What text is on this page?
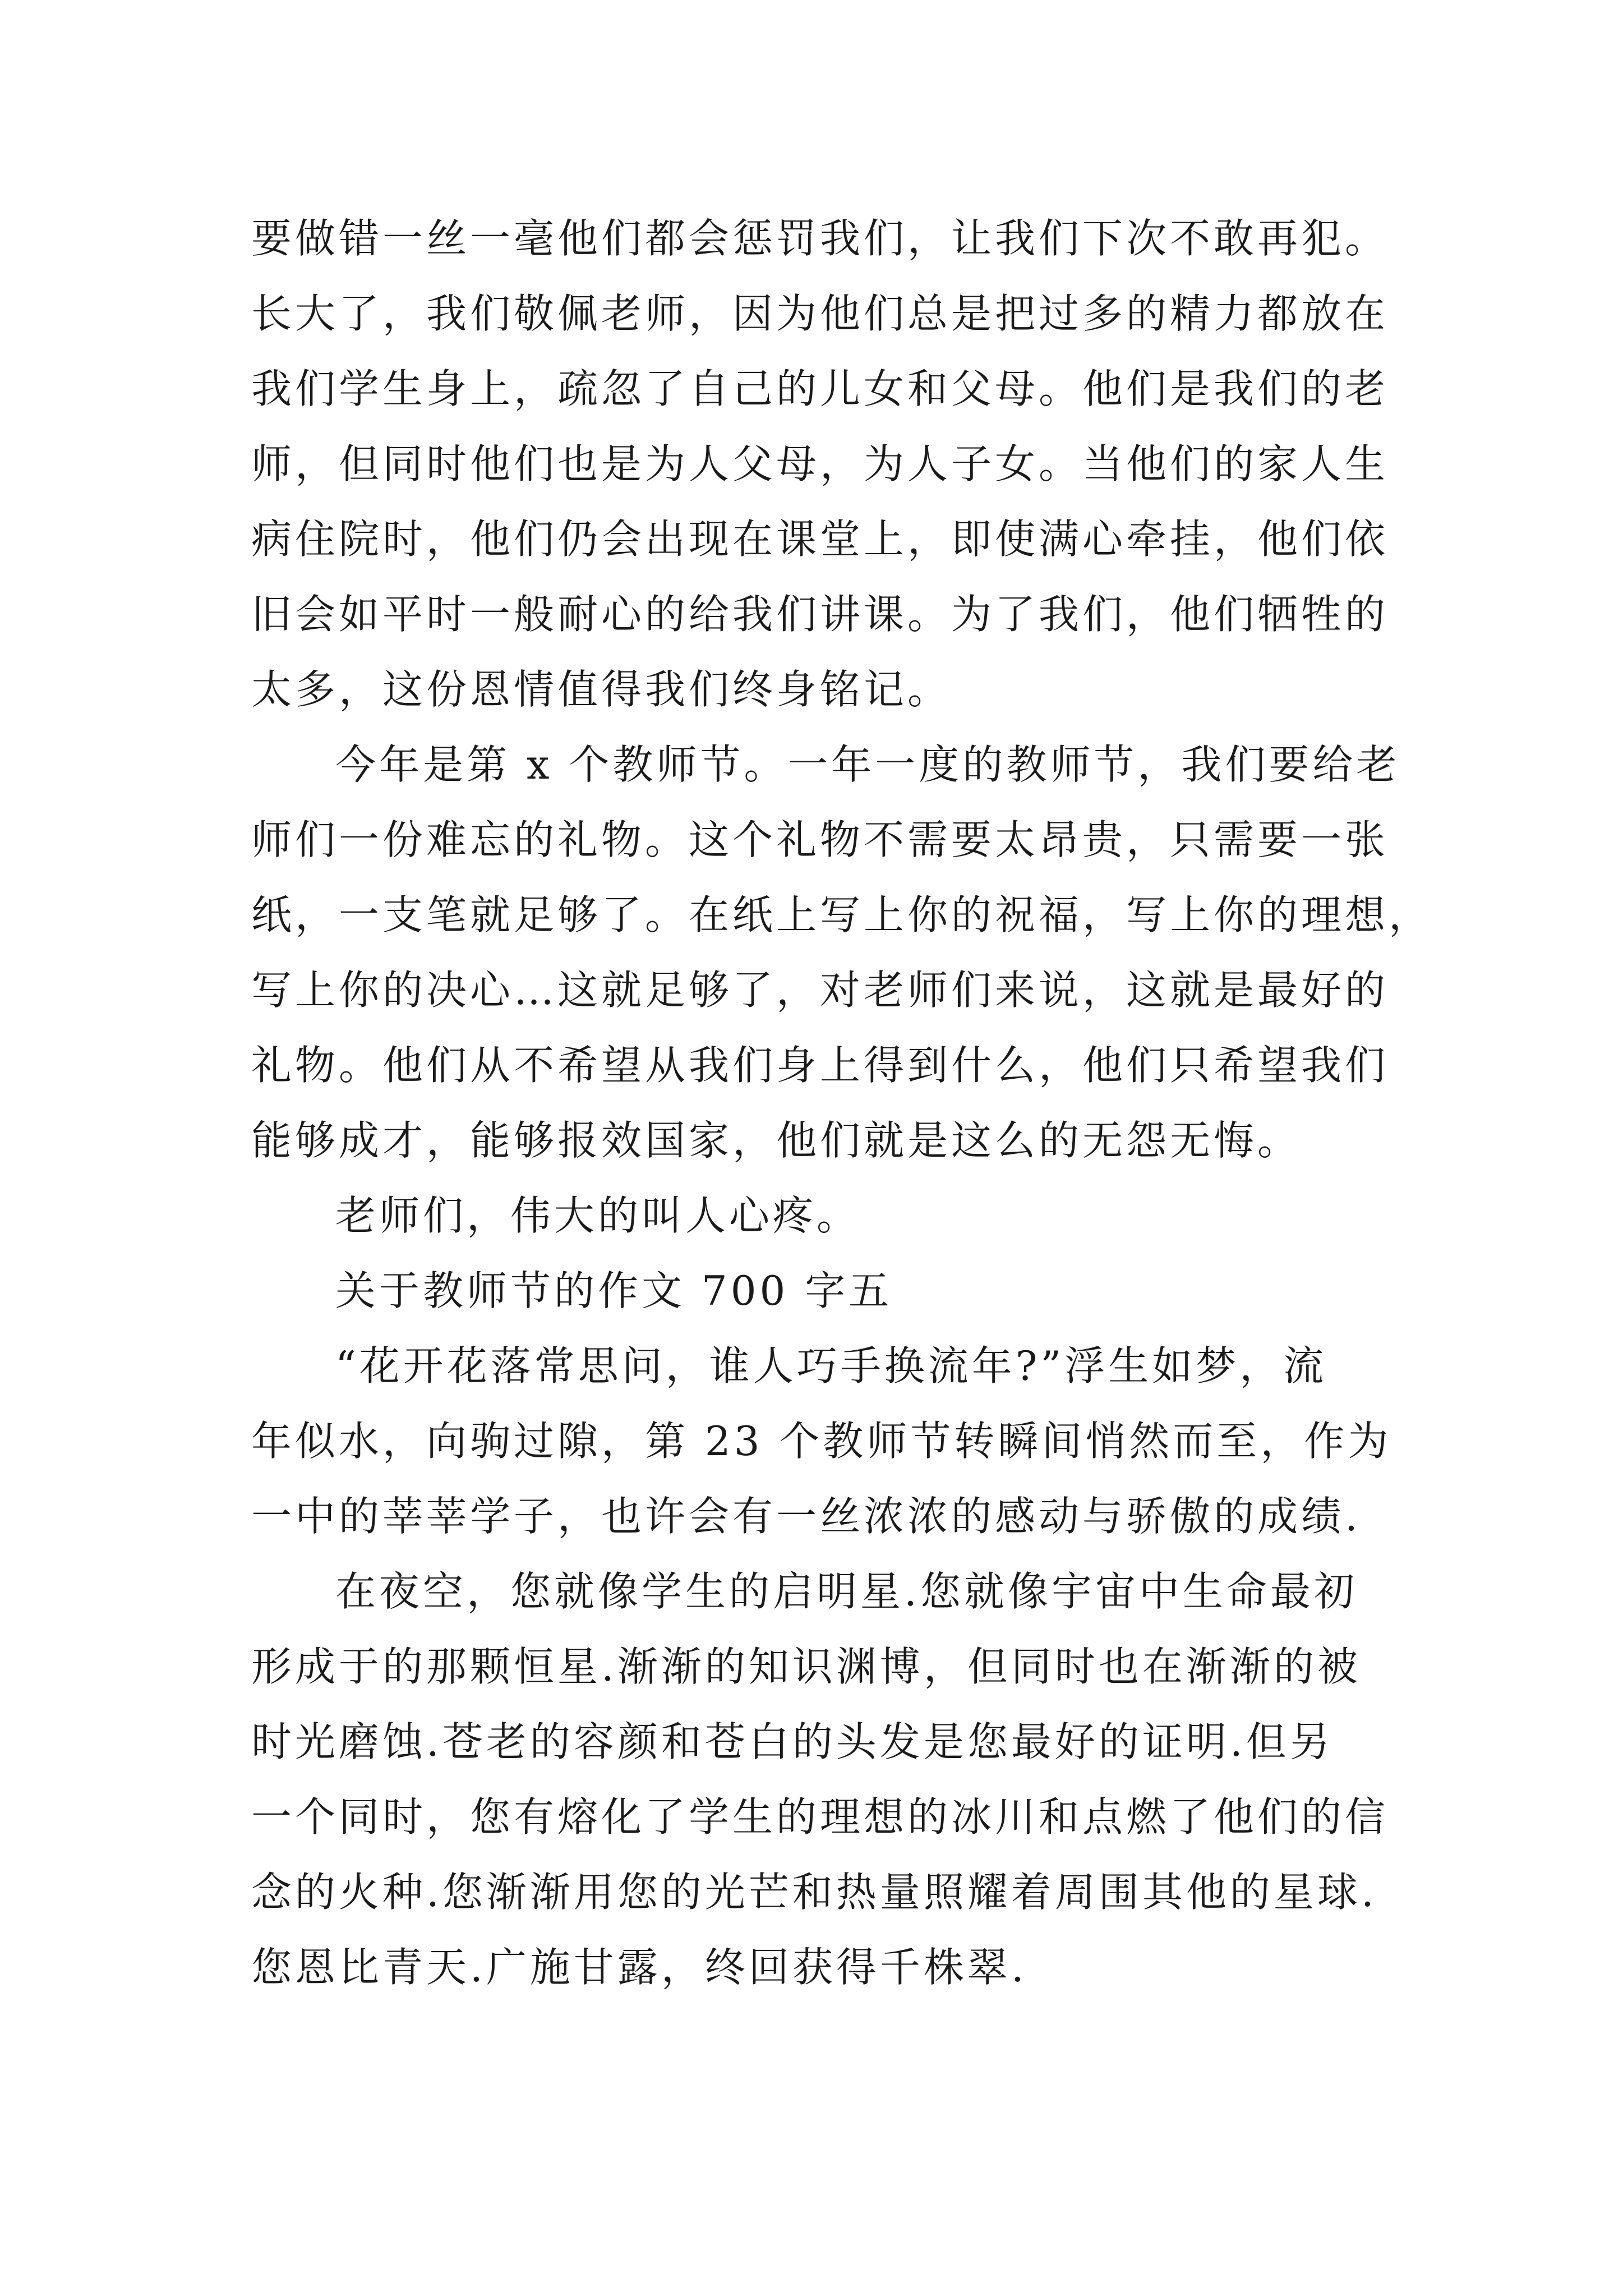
要做错一丝一毫他们都会惩罚我们，让我们下次不敢再犯。
长大了，我们敬佩老师，因为他们总是把过多的精力都放在
我们学生身上，疏忽了自己的儿女和父母。他们是我们的老
师，但同时他们也是为人父母，为人子女。当他们的家人生
病住院时，他们仍会出现在课堂上，即使满心牵挂，他们依
旧会如平时一般耐心的给我们讲课。为了我们，他们牺牲的
太多，这份恩情值得我们终身铭记。
今年是第 x 个教师节。一年一度的教师节，我们要给老
师们一份难忘的礼物。这个礼物不需要太昂贵，只需要一张
纸，一支笔就足够了。在纸上写上你的祝福，写上你的理想，
写上你的决心…这就足够了，对老师们来说，这就是最好的
礼物。他们从不希望从我们身上得到什么，他们只希望我们
能够成才，能够报效国家，他们就是这么的无怨无悔。
老师们，伟大的叫人心疼。
关于教师节的作文 700 字五
“花开花落常思问，谁人巧手换流年?”浮生如梦，流
年似水，向驹过隙，第 23 个教师节转瞬间悄然而至，作为
一中的莘莘学子，也许会有一丝浓浓的感动与骄傲的成绩.
在夜空，您就像学生的启明星.您就像宇宙中生命最初
形成于的那颗恒星.渐渐的知识渊博，但同时也在渐渐的被
时光磨蚀.苍老的容颜和苍白的头发是您最好的证明.但另
一个同时，您有熔化了学生的理想的冰川和点燃了他们的信
念的火种.您渐渐用您的光芒和热量照耀着周围其他的星球.
您恩比青天.广施甘露，终回获得千株翠.
